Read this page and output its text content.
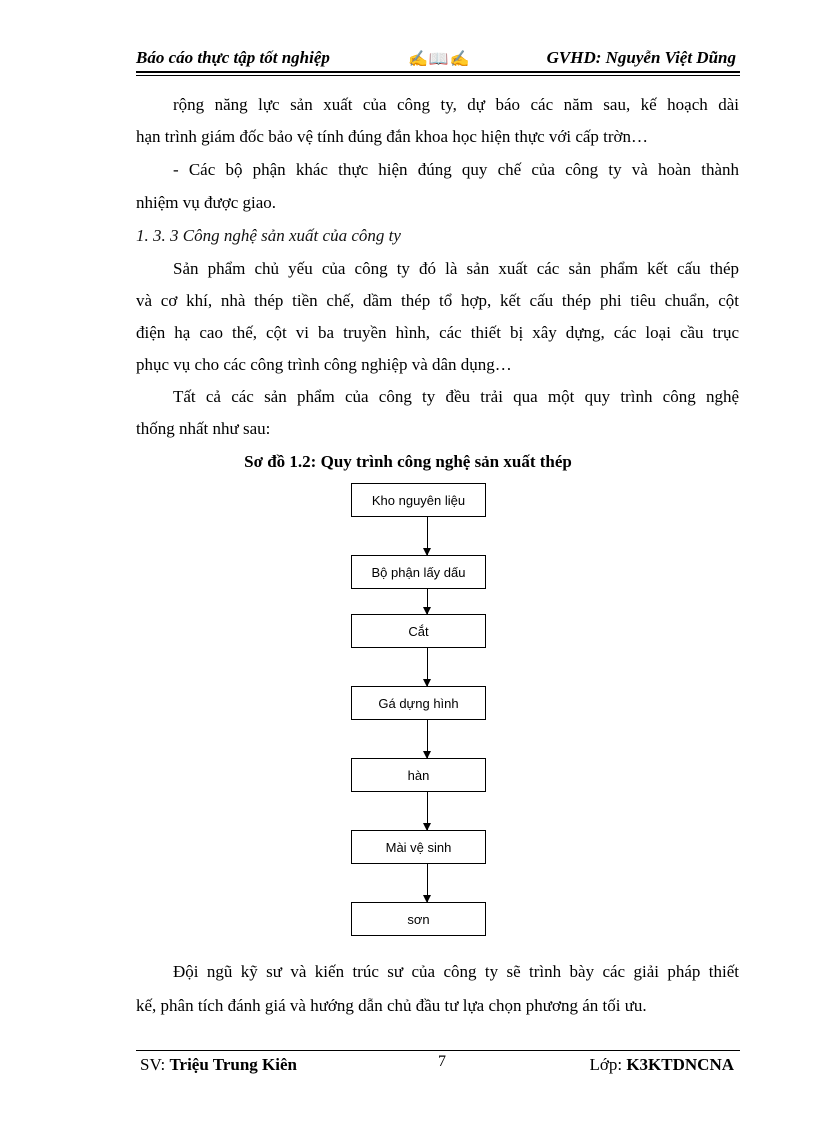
Báo cáo thực tập tốt nghiệp	✍📖✍	GVHD: Nguyễn Việt Dũng
rộng năng lực sản xuất của công ty, dự báo các năm sau, kế hoạch dài
hạn trình giám đốc bảo vệ tính đúng đắn khoa học hiện thực với cấp trờn…
- Các bộ phận khác thực hiện đúng quy chế của công ty và hoàn thành
nhiệm vụ được giao.
1. 3. 3 Công nghệ sản xuất của công ty
Sản phẩm chủ yếu của công ty đó là sản xuất các sản phẩm kết cấu thép
và cơ khí, nhà thép tiền chế, dầm thép tổ hợp, kết cấu thép phi tiêu chuẩn, cột
điện hạ cao thế, cột vi ba truyền hình, các thiết bị xây dựng, các loại cầu trục
phục vụ cho các công trình công nghiệp và dân dụng…
Tất cả các sản phẩm của công ty đều trải qua một quy trình công nghệ
thống nhất như sau:
Sơ đồ 1.2: Quy trình công nghệ sản xuất thép
Kho nguyên liệu
Bộ phận lấy dấu
Cắt
Gá dựng hình
hàn
Mài vệ sinh
sơn
Đội ngũ kỹ sư và kiến trúc sư của công ty sẽ trình bày các giải pháp thiết
kế, phân tích đánh giá và hướng dẫn chủ đầu tư lựa chọn phương án tối ưu.
SV: Triệu Trung Kiên	7	Lớp: K3KTDNCNA
